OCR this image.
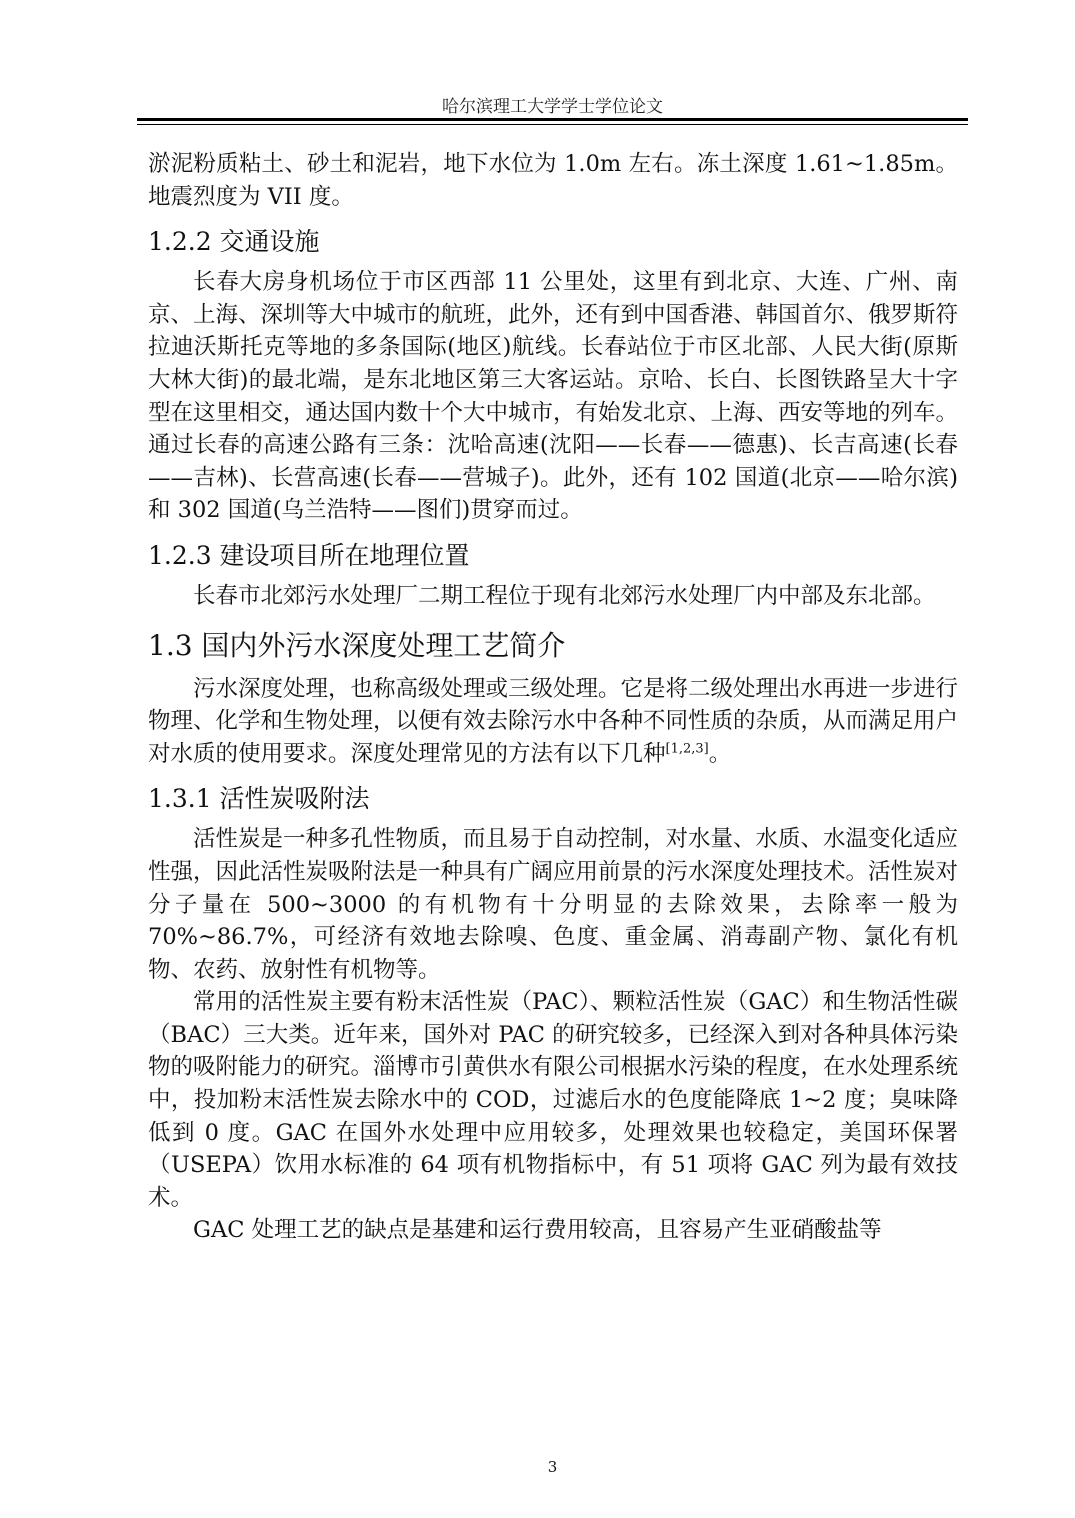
哈尔滨理工大学学士学位论文

淤泥粉质粘土、砂土和泥岩，地下水位为 1.0m 左右。冻土深度 1.61~1.85m。地震烈度为 VII 度。

1.2.2 交通设施

长春大房身机场位于市区西部 11 公里处，这里有到北京、大连、广州、南京、上海、深圳等大中城市的航班，此外，还有到中国香港、韩国首尔、俄罗斯符拉迪沃斯托克等地的多条国际(地区)航线。长春站位于市区北部、人民大街(原斯大林大街)的最北端，是东北地区第三大客运站。京哈、长白、长图铁路呈大十字型在这里相交，通达国内数十个大中城市，有始发北京、上海、西安等地的列车。通过长春的高速公路有三条：沈哈高速(沈阳——长春——德惠)、长吉高速(长春——吉林)、长营高速(长春——营城子)。此外，还有 102 国道(北京——哈尔滨)和 302 国道(乌兰浩特——图们)贯穿而过。

1.2.3 建设项目所在地理位置

长春市北郊污水处理厂二期工程位于现有北郊污水处理厂内中部及东北部。

1.3 国内外污水深度处理工艺简介

污水深度处理，也称高级处理或三级处理。它是将二级处理出水再进一步进行物理、化学和生物处理，以便有效去除污水中各种不同性质的杂质，从而满足用户对水质的使用要求。深度处理常见的方法有以下几种[1,2,3]。

1.3.1 活性炭吸附法

活性炭是一种多孔性物质，而且易于自动控制，对水量、水质、水温变化适应性强，因此活性炭吸附法是一种具有广阔应用前景的污水深度处理技术。活性炭对分子量在 500~3000 的有机物有十分明显的去除效果，去除率一般为 70%~86.7%，可经济有效地去除嗅、色度、重金属、消毒副产物、氯化有机物、农药、放射性有机物等。

常用的活性炭主要有粉末活性炭（PAC）、颗粒活性炭（GAC）和生物活性碳（BAC）三大类。近年来，国外对 PAC 的研究较多，已经深入到对各种具体污染物的吸附能力的研究。淄博市引黄供水有限公司根据水污染的程度，在水处理系统中，投加粉末活性炭去除水中的 COD，过滤后水的色度能降底 1~2 度；臭味降低到 0 度。GAC 在国外水处理中应用较多，处理效果也较稳定，美国环保署（USEPA）饮用水标准的 64 项有机物指标中，有 51 项将 GAC 列为最有效技术。

GAC 处理工艺的缺点是基建和运行费用较高，且容易产生亚硝酸盐等

3
